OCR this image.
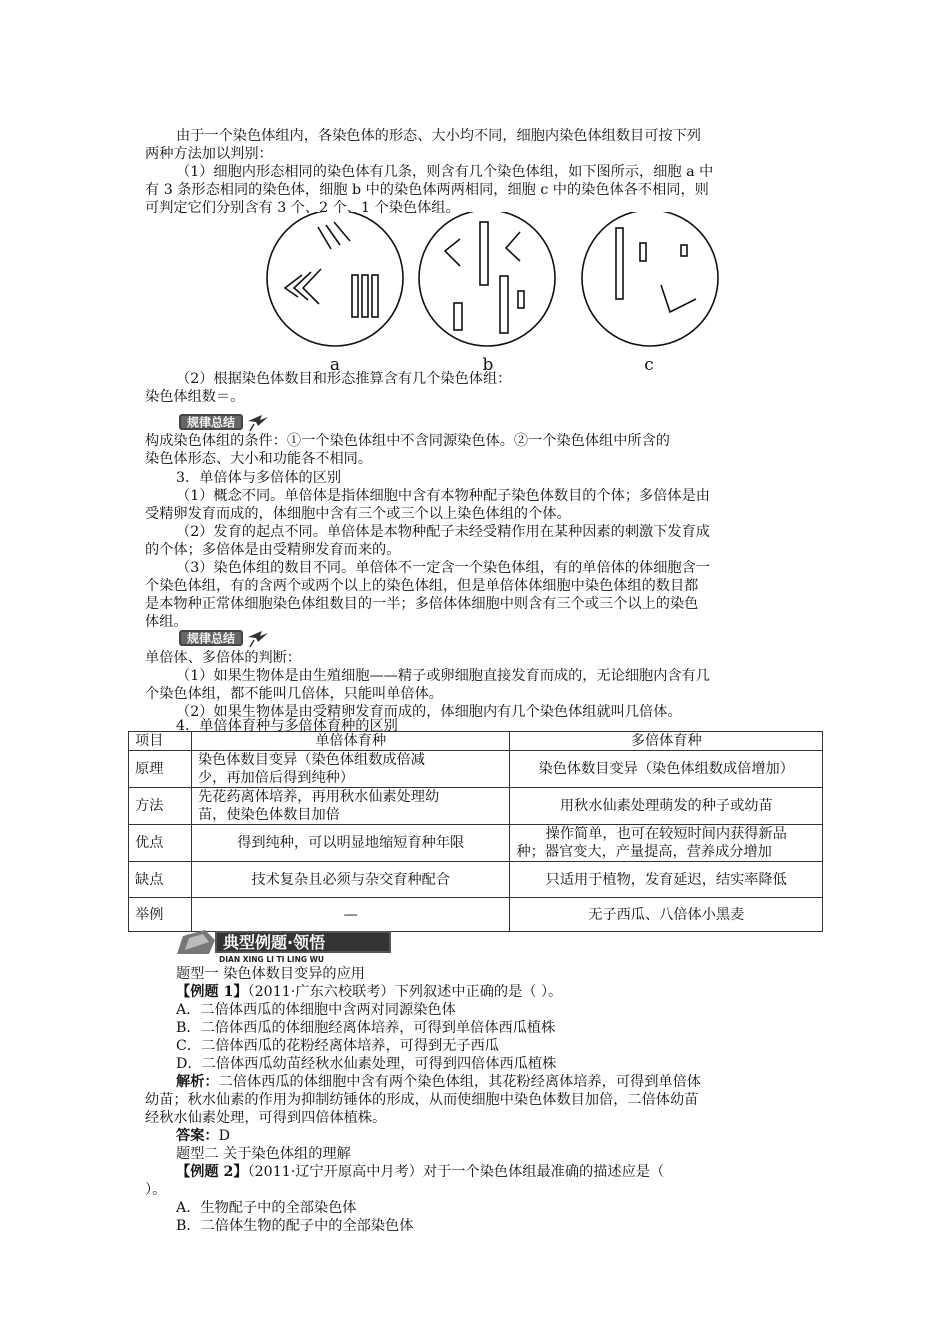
由于一个染色体组内，各染色体的形态、大小均不同，细胞内染色体组数目可按下列
两种方法加以判别：
（1）细胞内形态相同的染色体有几条，则含有几个染色体组，如下图所示，细胞 a 中
有 3 条形态相同的染色体，细胞 b 中的染色体两两相同，细胞 c 中的染色体各不相同，则
可判定它们分别含有 3 个、2 个、1 个染色体组。
a	b	c
（2）根据染色体数目和形态推算含有几个染色体组：
染色体组数＝。
规律总结
构成染色体组的条件：①一个染色体组中不含同源染色体。②一个染色体组中所含的
染色体形态、大小和功能各不相同。
3．单倍体与多倍体的区别
（1）概念不同。单倍体是指体细胞中含有本物种配子染色体数目的个体；多倍体是由
受精卵发育而成的，体细胞中含有三个或三个以上染色体组的个体。
（2）发育的起点不同。单倍体是本物种配子未经受精作用在某种因素的刺激下发育成
的个体；多倍体是由受精卵发育而来的。
（3）染色体组的数目不同。单倍体不一定含一个染色体组，有的单倍体的体细胞含一
个染色体组，有的含两个或两个以上的染色体组，但是单倍体体细胞中染色体组的数目都
是本物种正常体细胞染色体组数目的一半；多倍体体细胞中则含有三个或三个以上的染色
体组。
规律总结
单倍体、多倍体的判断：
（1）如果生物体是由生殖细胞——精子或卵细胞直接发育而成的，无论细胞内含有几
个染色体组，都不能叫几倍体，只能叫单倍体。
（2）如果生物体是由受精卵发育而成的，体细胞内有几个染色体组就叫几倍体。
4．单倍体育种与多倍体育种的区别
项目	单倍体育种	多倍体育种
原理	染色体数目变异（染色体组数成倍减
少，再加倍后得到纯种）	染色体数目变异（染色体组数成倍增加）
方法	先花药离体培养，再用秋水仙素处理幼
苗，使染色体数目加倍	用秋水仙素处理萌发的种子或幼苗
优点	得到纯种，可以明显地缩短育种年限	操作简单，也可在较短时间内获得新品
种；器官变大，产量提高，营养成分增加

缺点	技术复杂且必须与杂交育种配合	只适用于植物，发育延迟，结实率降低
举例	—	无子西瓜、八倍体小黑麦
典型例题·领悟
DIAN XING LI TI LING WU
题型一 染色体数目变异的应用
【例题 1】（2011·广东六校联考）下列叙述中正确的是（ ）。
A．二倍体西瓜的体细胞中含两对同源染色体
B．二倍体西瓜的体细胞经离体培养，可得到单倍体西瓜植株
C．二倍体西瓜的花粉经离体培养，可得到无子西瓜
D．二倍体西瓜幼苗经秋水仙素处理，可得到四倍体西瓜植株
解析：二倍体西瓜的体细胞中含有两个染色体组，其花粉经离体培养，可得到单倍体
幼苗；秋水仙素的作用为抑制纺锤体的形成，从而使细胞中染色体数目加倍，二倍体幼苗
经秋水仙素处理，可得到四倍体植株。
答案：D
题型二 关于染色体组的理解
【例题 2】（2011·辽宁开原高中月考）对于一个染色体组最准确的描述应是（
）。
A．生物配子中的全部染色体
B．二倍体生物的配子中的全部染色体
